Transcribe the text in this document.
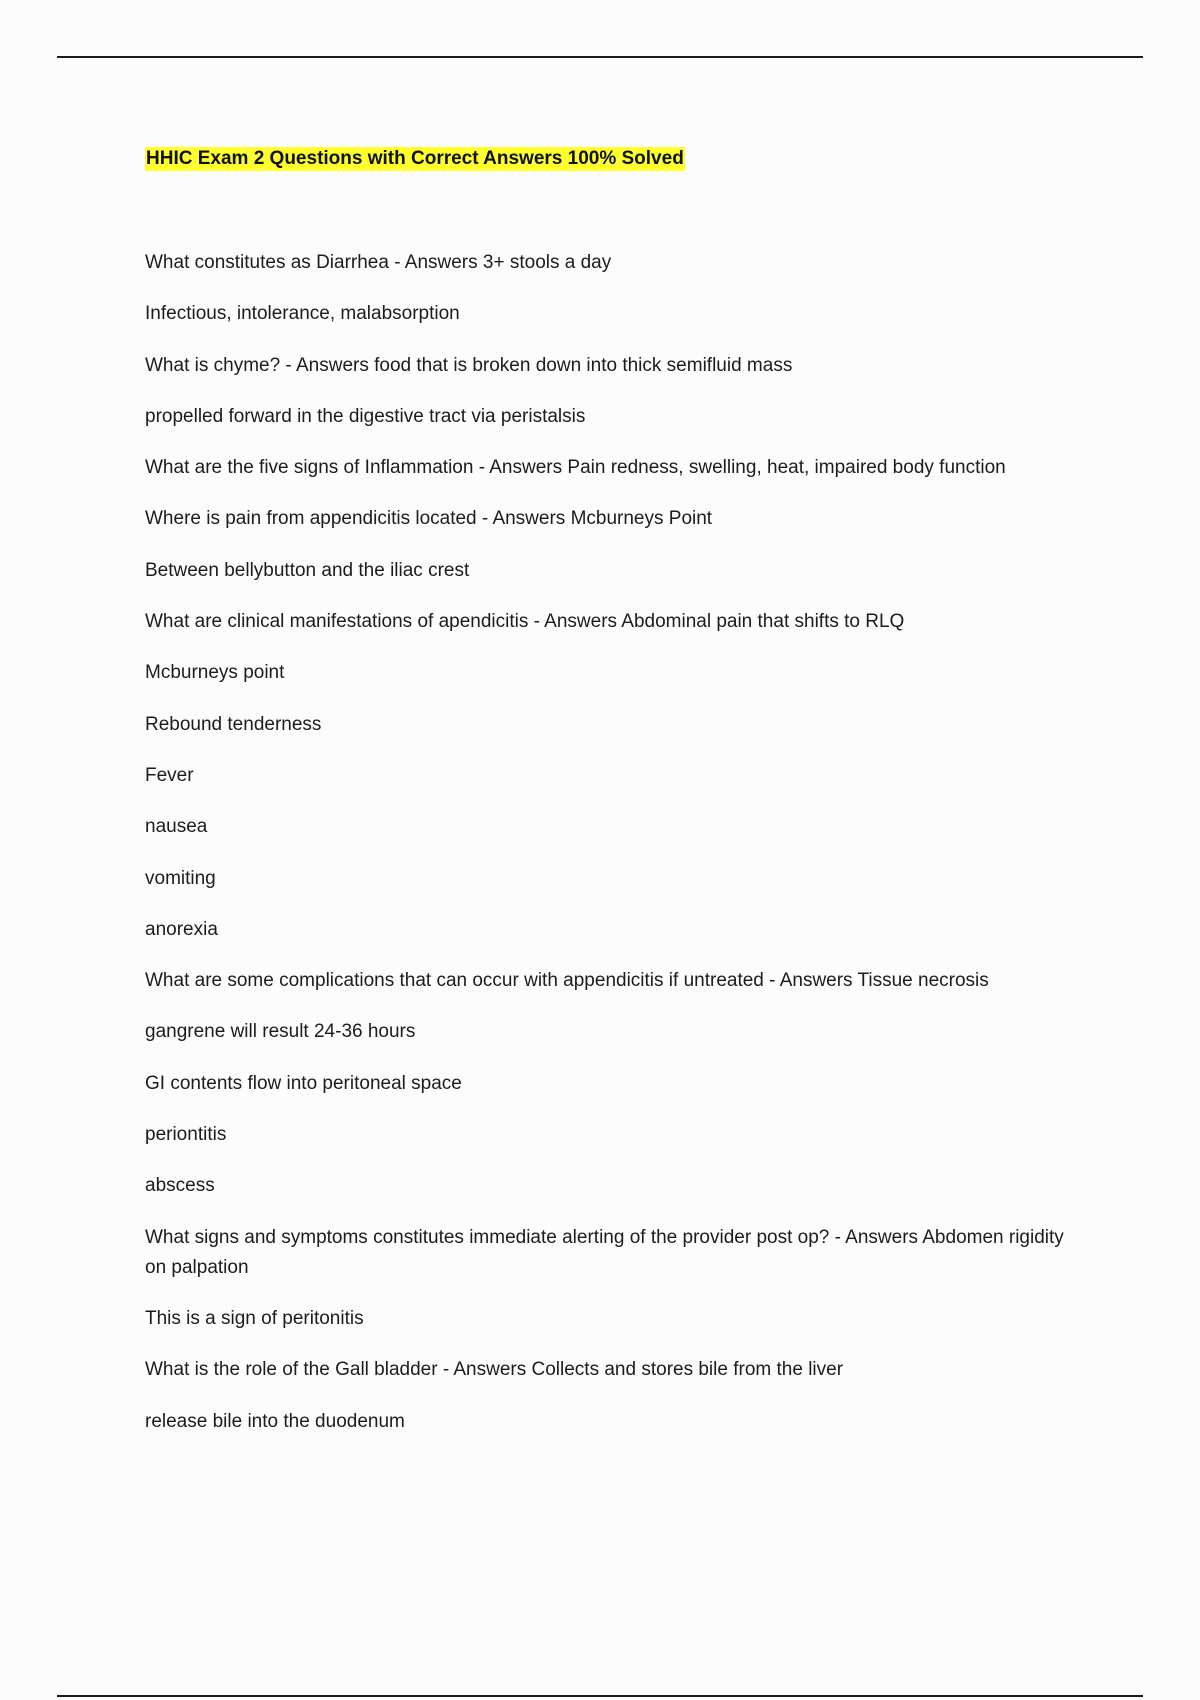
HHIC Exam 2 Questions with Correct Answers 100% Solved
What constitutes as Diarrhea - Answers 3+ stools a day
Infectious, intolerance, malabsorption
What is chyme? - Answers food that is broken down into thick semifluid mass
propelled forward in the digestive tract via peristalsis
What are the five signs of Inflammation - Answers Pain redness, swelling, heat, impaired body function
Where is pain from appendicitis located - Answers Mcburneys Point
Between bellybutton and the iliac crest
What are clinical manifestations of apendicitis - Answers Abdominal pain that shifts to RLQ
Mcburneys point
Rebound tenderness
Fever
nausea
vomiting
anorexia
What are some complications that can occur with appendicitis if untreated - Answers Tissue necrosis
gangrene will result 24-36 hours
GI contents flow into peritoneal space
periontitis
abscess
What signs and symptoms constitutes immediate alerting of the provider post op? - Answers Abdomen rigidity on palpation
This is a sign of peritonitis
What is the role of the Gall bladder - Answers Collects and stores bile from the liver
release bile into the duodenum
